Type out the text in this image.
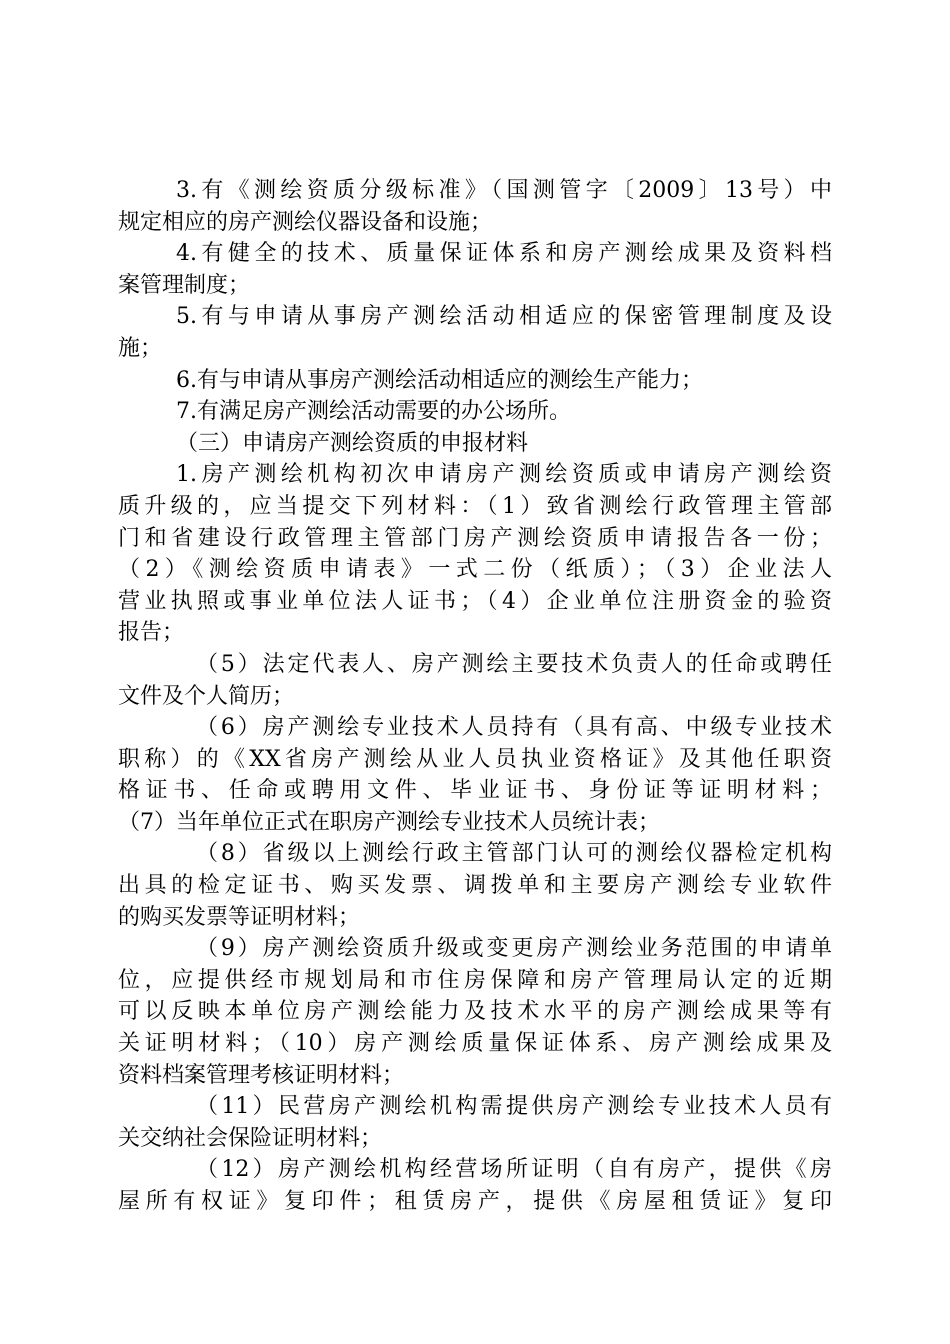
3.有《测绘资质分级标准》（国测管字〔2009〕13号）中
规定相应的房产测绘仪器设备和设施；
4.有健全的技术、质量保证体系和房产测绘成果及资料档
案管理制度；
5.有与申请从事房产测绘活动相适应的保密管理制度及设
施；
6.有与申请从事房产测绘活动相适应的测绘生产能力；
7.有满足房产测绘活动需要的办公场所。
（三）申请房产测绘资质的申报材料
1.房产测绘机构初次申请房产测绘资质或申请房产测绘资
质升级的，应当提交下列材料：（1）致省测绘行政管理主管部
门和省建设行政管理主管部门房产测绘资质申请报告各一份；
（2）《测绘资质申请表》一式二份（纸质）；（3）企业法人
营业执照或事业单位法人证书；（4）企业单位注册资金的验资
报告；
（5）法定代表人、房产测绘主要技术负责人的任命或聘任
文件及个人简历；
（6）房产测绘专业技术人员持有（具有高、中级专业技术
职称）的《XX省房产测绘从业人员执业资格证》及其他任职资
格证书、任命或聘用文件、毕业证书、身份证等证明材料；
（7）当年单位正式在职房产测绘专业技术人员统计表；
（8）省级以上测绘行政主管部门认可的测绘仪器检定机构
出具的检定证书、购买发票、调拨单和主要房产测绘专业软件
的购买发票等证明材料；
（9）房产测绘资质升级或变更房产测绘业务范围的申请单
位，应提供经市规划局和市住房保障和房产管理局认定的近期
可以反映本单位房产测绘能力及技术水平的房产测绘成果等有
关证明材料；（10）房产测绘质量保证体系、房产测绘成果及
资料档案管理考核证明材料；
（11）民营房产测绘机构需提供房产测绘专业技术人员有
关交纳社会保险证明材料；
（12）房产测绘机构经营场所证明（自有房产，提供《房
屋所有权证》复印件；租赁房产，提供《房屋租赁证》复印
